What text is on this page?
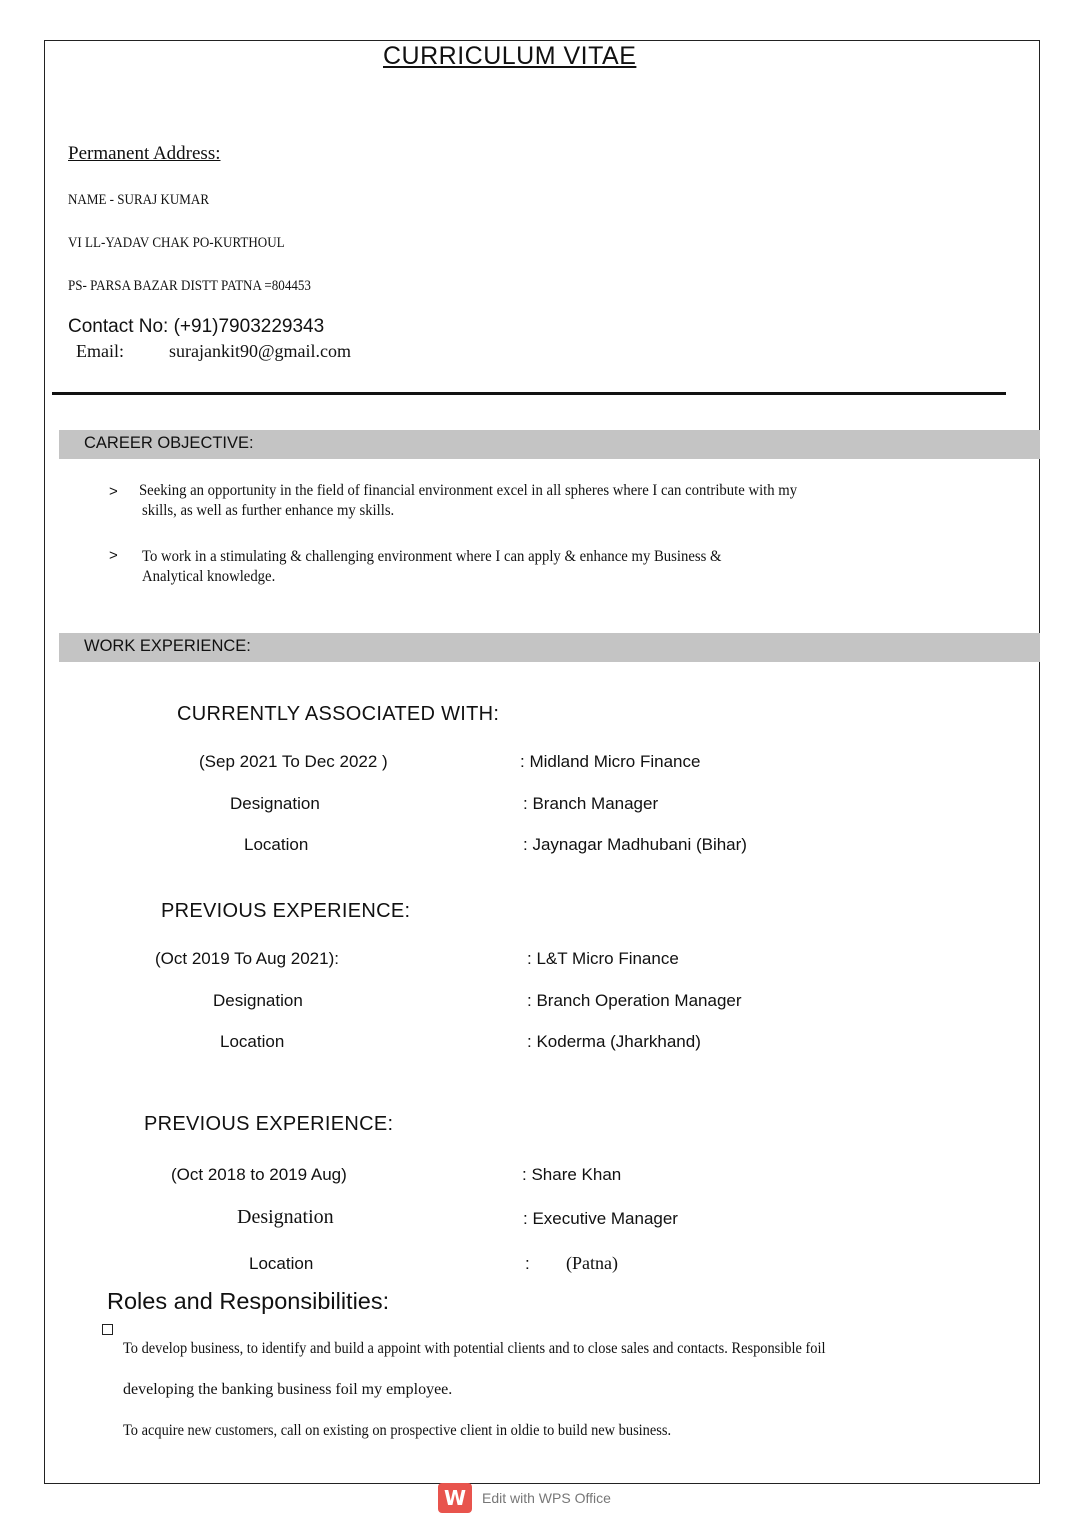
CURRICULUM VITAE
Permanent Address:
NAME - SURAJ KUMAR
VI LL-YADAV CHAK PO-KURTHOUL
PS- PARSA BAZAR DISTT PATNA =804453
Contact No: (+91)7903229343
Email:	surajankit90@gmail.com
CAREER OBJECTIVE:
> Seeking an opportunity in the field of financial environment excel in all spheres where I can contribute with my
skills, as well as further enhance my skills.
> To work in a stimulating & challenging environment where I can apply & enhance my Business &
Analytical knowledge.
WORK EXPERIENCE:
CURRENTLY ASSOCIATED WITH:
(Sep 2021 To Dec 2022 )	: Midland Micro Finance
Designation	: Branch Manager
Location	: Jaynagar Madhubani (Bihar)
PREVIOUS EXPERIENCE:
(Oct 2019 To Aug 2021):	: L&T Micro Finance
Designation	: Branch Operation Manager
Location	: Koderma (Jharkhand)
PREVIOUS EXPERIENCE:
(Oct 2018 to 2019 Aug)	: Share Khan
Designation	: Executive Manager
Location	: (Patna)
Roles and Responsibilities:
To develop business, to identify and build a appoint with potential clients and to close sales and contacts. Responsible foil
developing the banking business foil my employee.
To acquire new customers, call on existing on prospective client in oldie to build new business.
W	Edit with WPS Office
